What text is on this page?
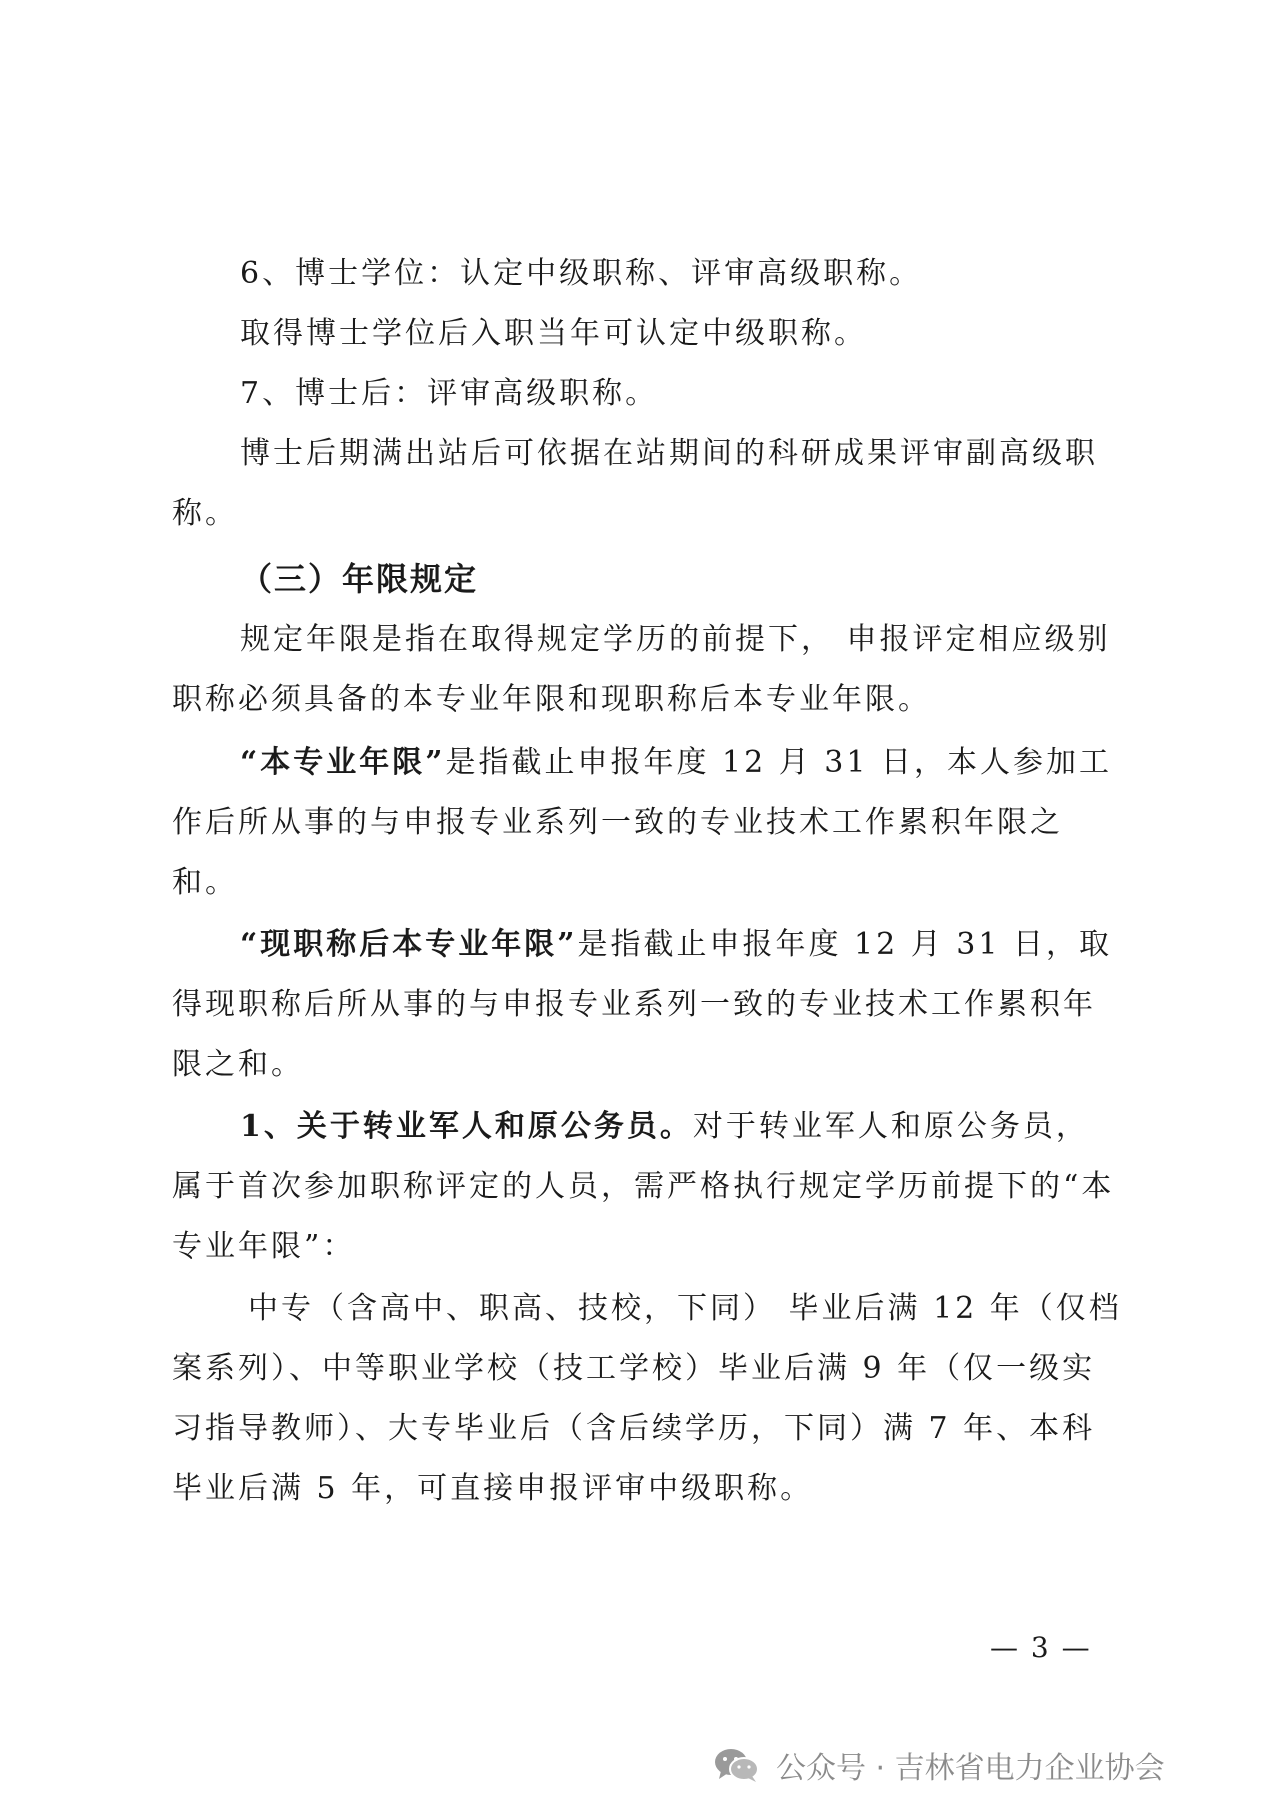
6、博士学位：认定中级职称、评审高级职称。
取得博士学位后入职当年可认定中级职称。
7、博士后：评审高级职称。
博士后期满出站后可依据在站期间的科研成果评审副高级职
称。
（三）年限规定
规定年限是指在取得规定学历的前提下， 申报评定相应级别
职称必须具备的本专业年限和现职称后本专业年限。
“本专业年限”是指截止申报年度 12 月 31 日，本人参加工
作后所从事的与申报专业系列一致的专业技术工作累积年限之
和。
“现职称后本专业年限”是指截止申报年度 12 月 31 日，取
得现职称后所从事的与申报专业系列一致的专业技术工作累积年
限之和。
1、关于转业军人和原公务员。对于转业军人和原公务员，
属于首次参加职称评定的人员，需严格执行规定学历前提下的“本
专业年限”：
中专（含高中、职高、技校，下同） 毕业后满 12 年（仅档
案系列）、中等职业学校（技工学校）毕业后满 9 年（仅一级实
习指导教师）、大专毕业后（含后续学历，下同）满 7 年、本科
毕业后满 5 年，可直接申报评审中级职称。
— 3 —
公众号 · 吉林省电力企业协会
